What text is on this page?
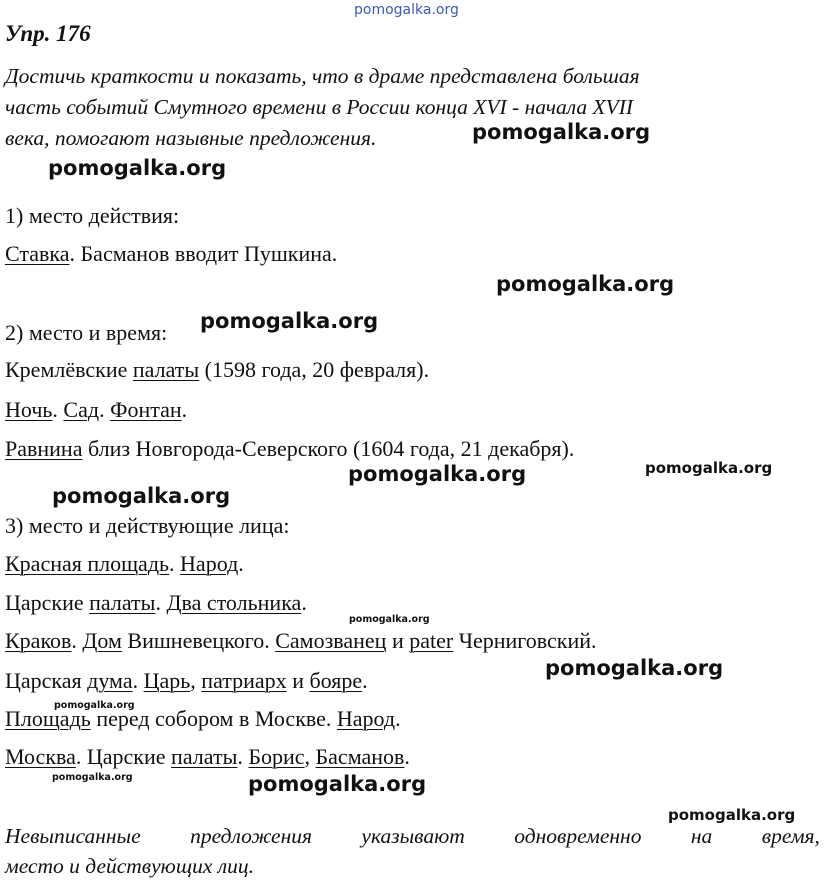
pomogalka.org
pomogalka.org
pomogalka.org
pomogalka.org
pomogalka.org
pomogalka.org	pomogalka.org
pomogalka.org
pomogalka.org
pomogalka.org
pomogalka.org
pomogalka.org	pomogalka.org
pomogalka.org
Упр. 176
Достичь краткости и показать, что в драме представлена большая
часть событий Смутного времени в России конца XVI - начала XVII
века, помогают назывные предложения.
1) место действия:
Ставка. Басманов вводит Пушкина.
2) место и время:
Кремлёвские палаты (1598 года, 20 февраля).
Ночь. Сад. Фонтан.
Равнина близ Новгорода-Северского (1604 года, 21 декабря).
3) место и действующие лица:
Красная площадь. Народ.
Царские палаты. Два стольника.
Краков. Дом Вишневецкого. Самозванец и pater Черниговский.
Царская дума. Царь, патриарх и бояре.
Площадь перед собором в Москве. Народ.
Москва. Царские палаты. Борис, Басманов.
Невыписанные предложения указывают одновременно на время,
место и действующих лиц.
